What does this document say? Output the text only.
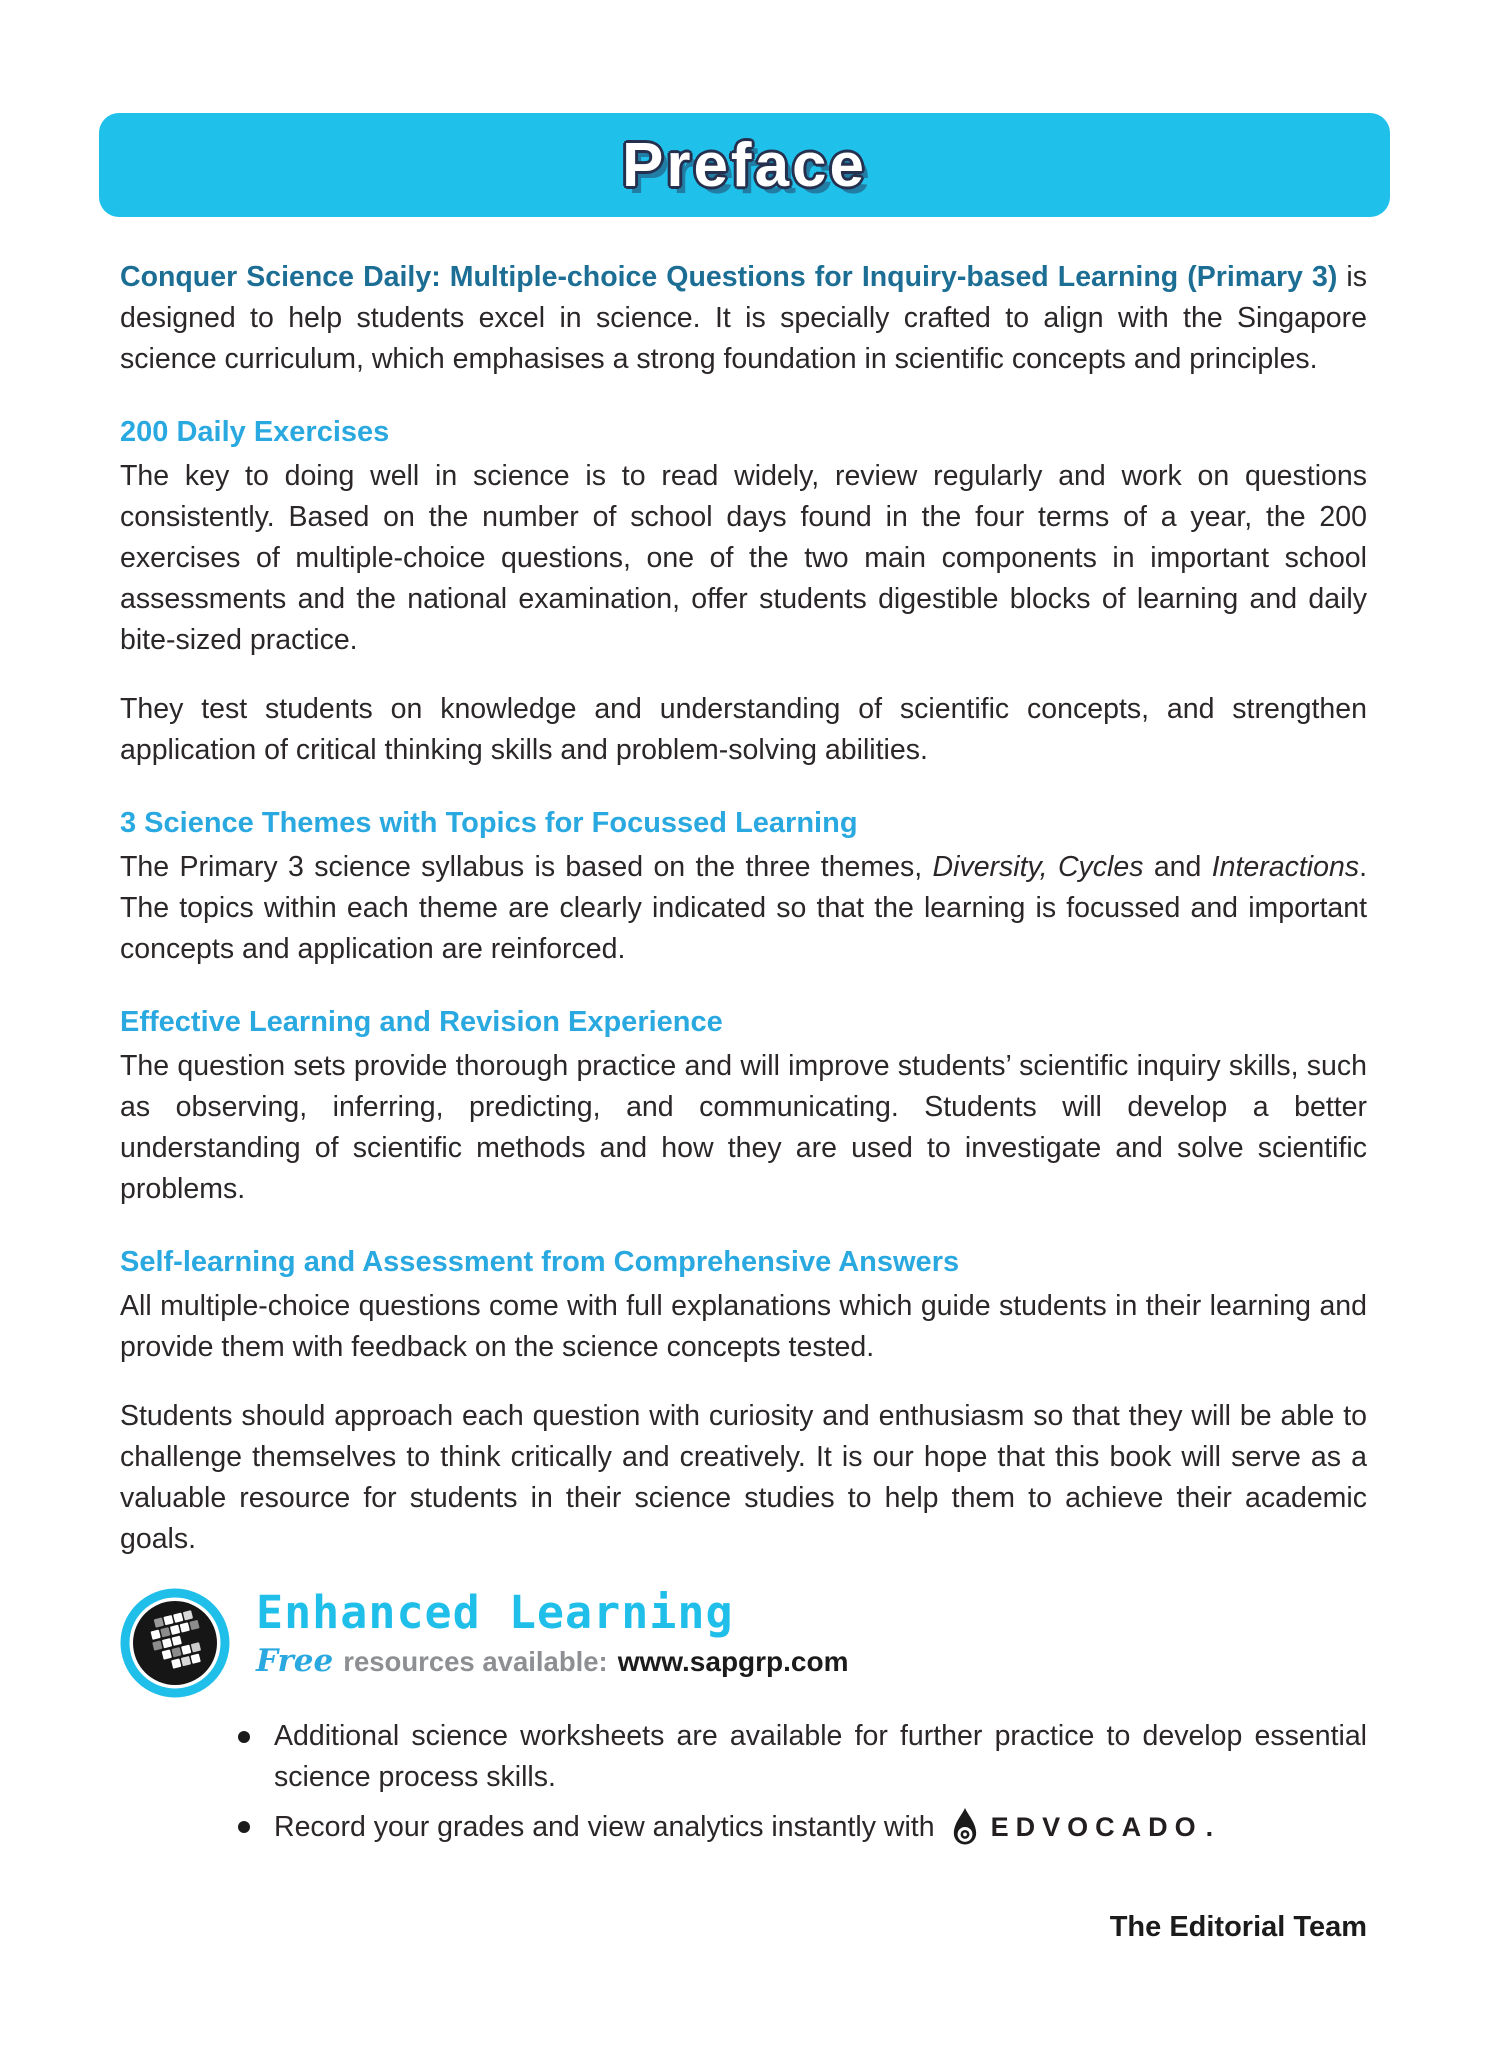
Preface

Conquer Science Daily: Multiple-choice Questions for Inquiry-based Learning (Primary 3) is designed to help students excel in science. It is specially crafted to align with the Singapore science curriculum, which emphasises a strong foundation in scientific concepts and principles.

200 Daily Exercises

The key to doing well in science is to read widely, review regularly and work on questions consistently. Based on the number of school days found in the four terms of a year, the 200 exercises of multiple-choice questions, one of the two main components in important school assessments and the national examination, offer students digestible blocks of learning and daily bite-sized practice.

They test students on knowledge and understanding of scientific concepts, and strengthen application of critical thinking skills and problem-solving abilities.

3 Science Themes with Topics for Focussed Learning

The Primary 3 science syllabus is based on the three themes, Diversity, Cycles and Interactions. The topics within each theme are clearly indicated so that the learning is focussed and important concepts and application are reinforced.

Effective Learning and Revision Experience

The question sets provide thorough practice and will improve students’ scientific inquiry skills, such as observing, inferring, predicting, and communicating. Students will develop a better understanding of scientific methods and how they are used to investigate and solve scientific problems.

Self-learning and Assessment from Comprehensive Answers

All multiple-choice questions come with full explanations which guide students in their learning and provide them with feedback on the science concepts tested.

Students should approach each question with curiosity and enthusiasm so that they will be able to challenge themselves to think critically and creatively. It is our hope that this book will serve as a valuable resource for students in their science studies to help them to achieve their academic goals.

Enhanced Learning
Free resources available: www.sapgrp.com
Additional science worksheets are available for further practice to develop essential science process skills.
Record your grades and view analytics instantly with EDVOCADO .
The Editorial Team
